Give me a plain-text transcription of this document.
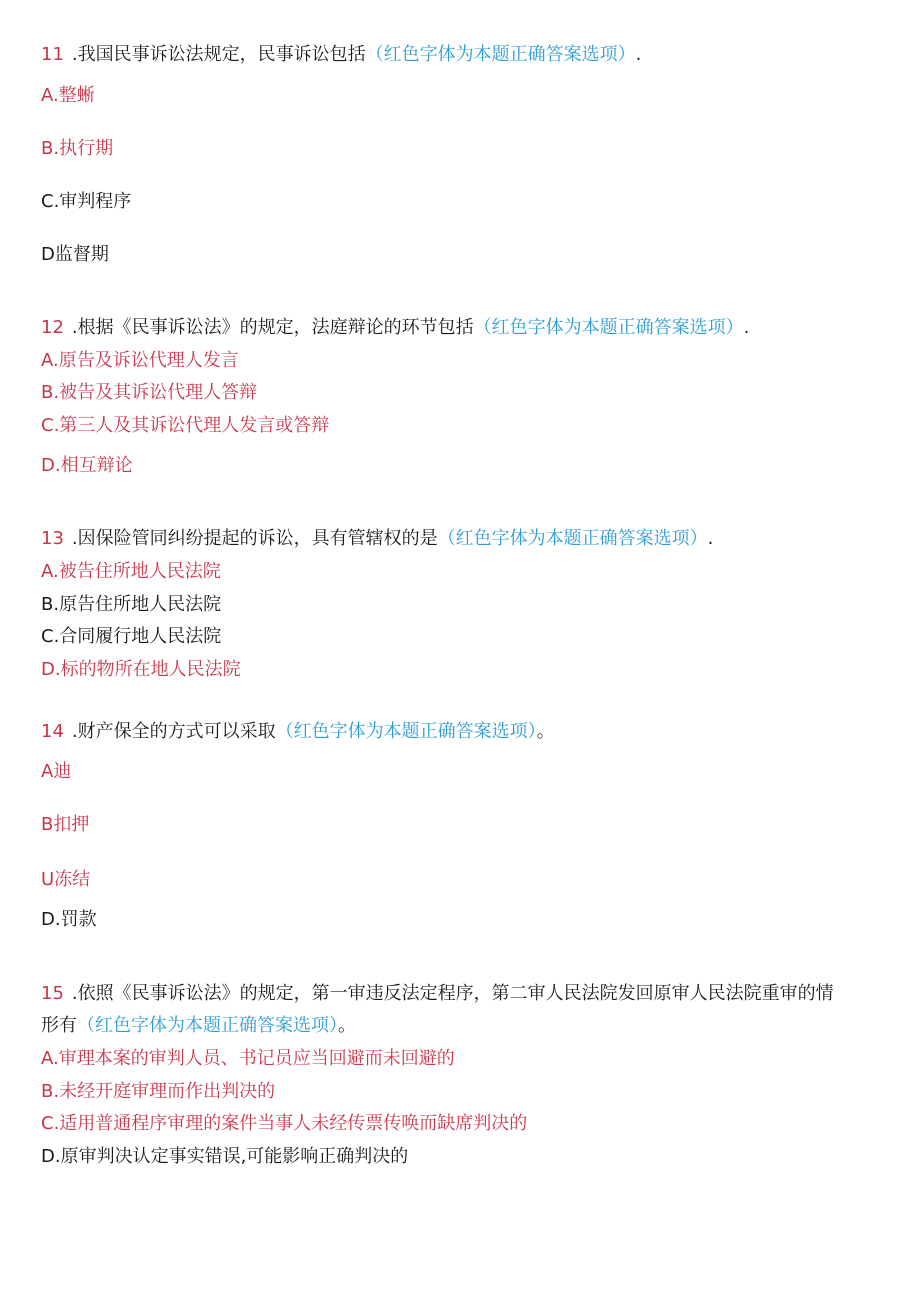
11 .我国民事诉讼法规定，民事诉讼包括（红色字体为本题正确答案选项）.
A.整蜥
B.执行期
C.审判程序
D监督期
12 .根据《民事诉讼法》的规定，法庭辩论的环节包括（红色字体为本题正确答案选项）.
A.原告及诉讼代理人发言
B.被告及其诉讼代理人答辩
C.第三人及其诉讼代理人发言或答辩
D.相互辩论
13 .因保险管同纠纷提起的诉讼，具有管辖权的是（红色字体为本题正确答案选项）.
A.被告住所地人民法院
B.原告住所地人民法院
C.合同履行地人民法院
D.标的物所在地人民法院
14 .财产保全的方式可以采取（红色字体为本题正确答案选项）。
A迪
B扣押
U冻结
D.罚款
15 .依照《民事诉讼法》的规定，第一审违反法定程序，第二审人民法院发回原审人民法院重审的情
形有（红色字体为本题正确答案选项）。
A.审理本案的审判人员、书记员应当回避而未回避的
B.未经开庭审理而作出判决的
C.适用普通程序审理的案件当事人未经传票传唤而缺席判决的
D.原审判决认定事实错误,可能影响正确判决的
